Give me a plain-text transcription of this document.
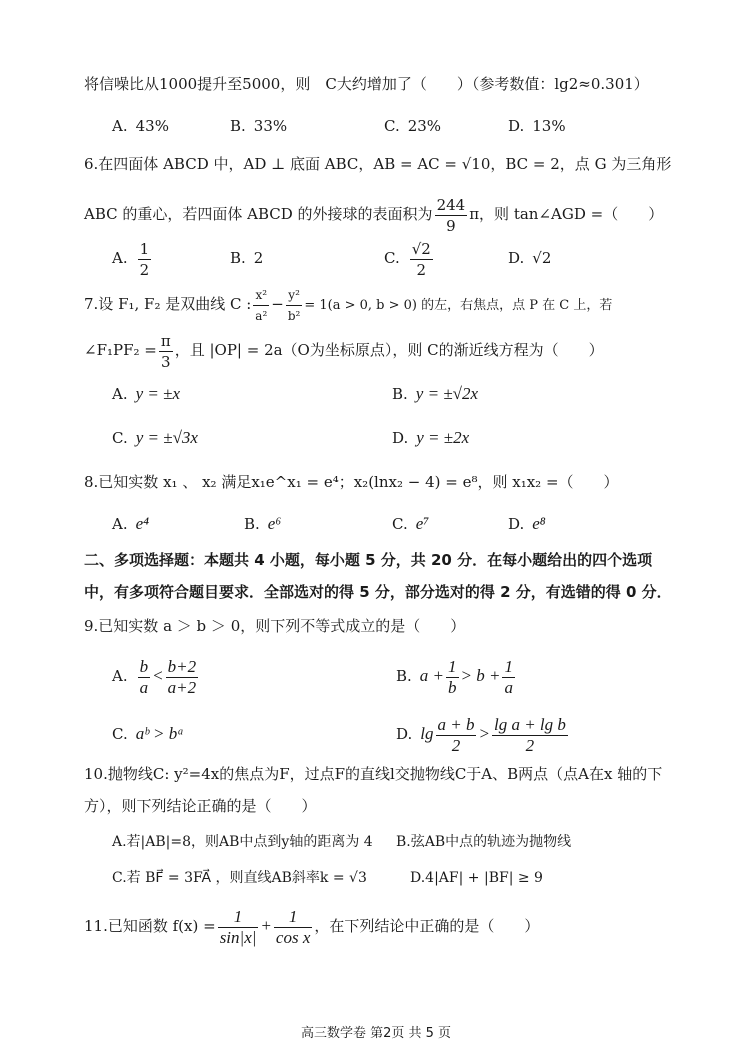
将信噪比从1000提升至5000，则　C大约增加了（　　）（参考数值：lg2≈0.301）
A. 43%	B. 33%	C. 23%	D. 13%
6.在四面体 ABCD 中，AD ⊥ 底面 ABC，AB = AC = √10，BC = 2，点 G 为三角形
ABC 的重心，若四面体 ABCD 的外接球的表面积为 $\frac{244}{9}$ π，则 tan∠AGD =（　　）
A. $\frac{1}{2}$	B. 2	C. $\frac{√2}{2}$	D. √2
7.设 F₁, F₂ 是双曲线 C : $\frac{\text{x²}}{\text{a²}} - \frac{\text{y²}}{\text{b²}} = 1(a > 0$, b > 0) 的左，右焦点，点 P 在 C 上，若
∠F₁PF₂ = $\frac{\pi}{3}$ ，且 |OP| = 2a（O为坐标原点），则 C的渐近线方程为（　　）
A. y = ±x	B. y = ±√2x
C. y = ±√3x	D. y = ±2x
8.已知实数 x₁ 、 x₂ 满足x₁e^x₁ = e⁴；x₂(lnx₂ − 4) = e⁸，则 x₁x₂ =（　　）
A. e⁴	B. e⁶	C. e⁷	D. e⁸
二、多项选择题：本题共 4 小题，每小题 5 分，共 20 分．在每小题给出的四个选项
中，有多项符合题目要求．全部选对的得 5 分，部分选对的得 2 分，有选错的得 0 分．
9.已知实数 a ＞ b ＞ 0，则下列不等式成立的是（　　）
A. $\frac{b}{a} < \frac{b+2}{a+2}$	B. $a + \frac{1}{b} > b + \frac{1}{a}$
C. aᵇ > bᵃ	D. $\lg \frac{a + b}{2} > \frac{\text{lg a + lg b}}{2}$
10.抛物线C: y²=4x的焦点为F，过点F的直线l交抛物线C于A、B两点（点A在x 轴的下
方），则下列结论正确的是（　　）
A.若|AB|=8，则AB中点到y轴的距离为 4 B.弦AB中点的轨迹为抛物线
C.若 BF⃗ = 3FA⃗ ，则直线AB斜率k = √3	D.4|AF| + |BF| ≥ 9
11.已知函数 $f(x) = \frac{1}{\sin|x|} + \frac{1}{\text{cos x}}$ ，在下列结论中正确的是（　　）
高三数学卷 第2页 共 5 页
